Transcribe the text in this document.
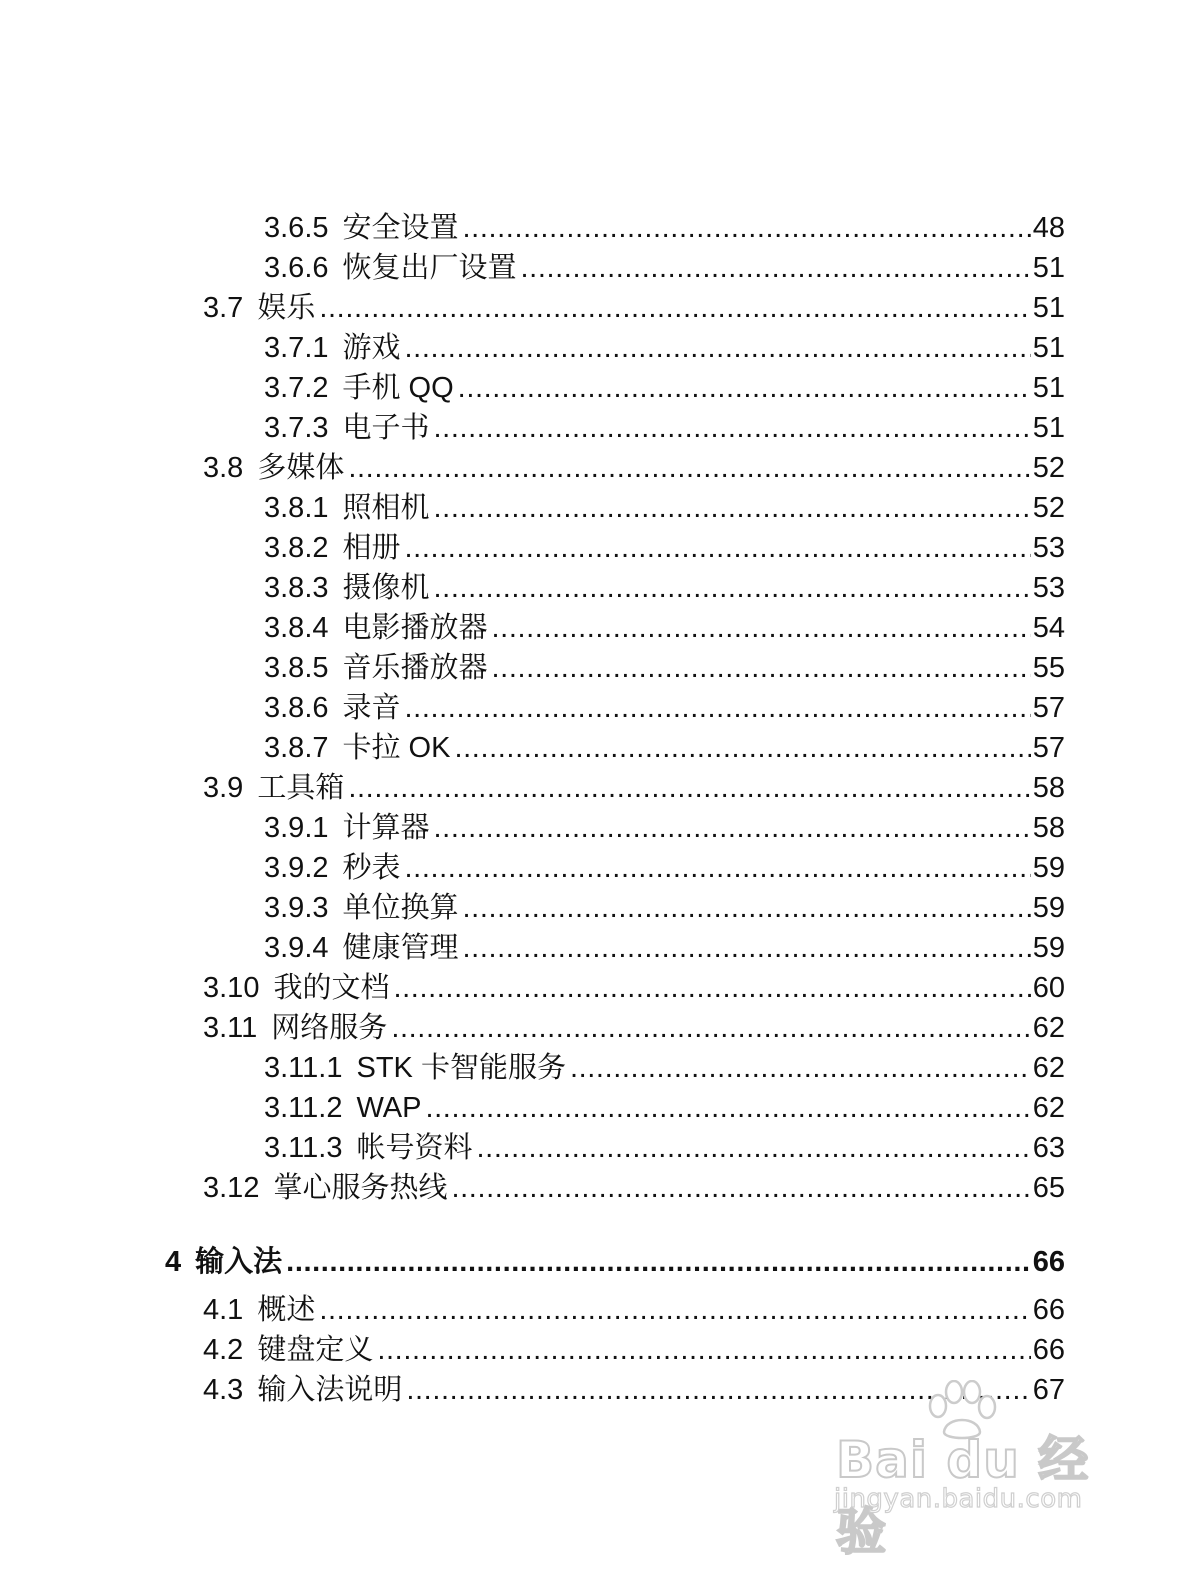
3.6.5 安全设置 .....	48
3.6.6 恢复出厂设置 .....	51
3.7 娱乐 .....	51
3.7.1 游戏 .....	51
3.7.2 手机 QQ .....	51
3.7.3 电子书 .....	51
3.8 多媒体 .....	52
3.8.1 照相机 .....	52
3.8.2 相册 .....	53
3.8.3 摄像机 .....	53
3.8.4 电影播放器 .....	54
3.8.5 音乐播放器 .....	55
3.8.6 录音 .....	57
3.8.7 卡拉 OK .....	57
3.9 工具箱 .....	58
3.9.1 计算器 .....	58
3.9.2 秒表 .....	59
3.9.3 单位换算 .....	59
3.9.4 健康管理 .....	59
3.10 我的文档 .....	60
3.11 网络服务 .....	62
3.11.1 STK 卡智能服务 .....	62
3.11.2 WAP .....	62
3.11.3 帐号资料 .....	63
3.12 掌心服务热线 .....	65
4 输入法 .....	66
4.1 概述 .....	66
4.2 键盘定义 .....	66
4.3 输入法说明 .....	67
Bai du 经验
jingyan.baidu.com
